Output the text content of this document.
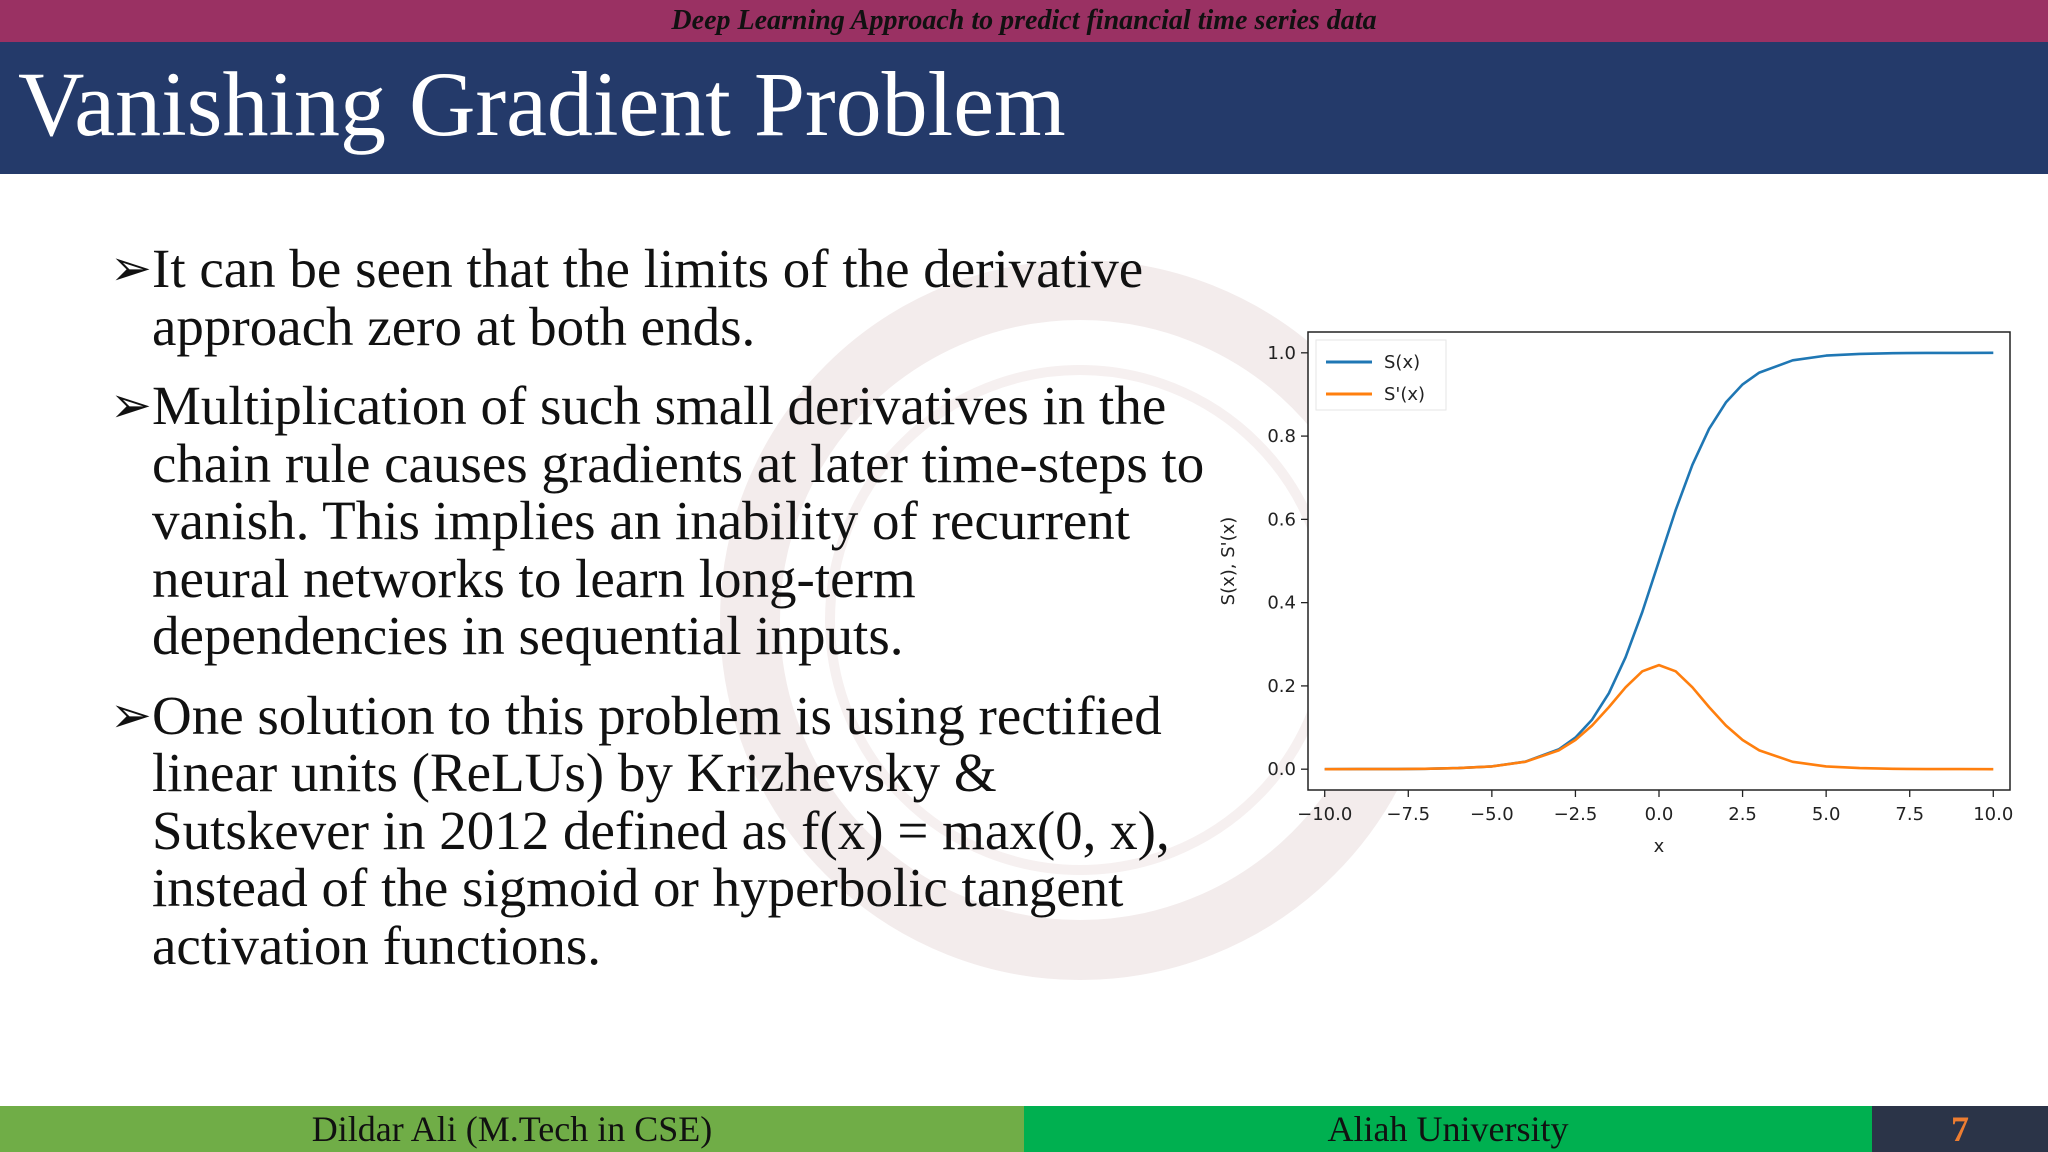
Deep Learning Approach to predict financial time series data
Vanishing Gradient Problem
➢ It can be seen that the limits of the derivative approach zero at both ends.
➢ Multiplication of such small derivatives in the chain rule causes gradients at later time-steps to vanish. This implies an inability of recurrent neural networks to learn long-term dependencies in sequential inputs.
➢ One solution to this problem is using rectified linear units (ReLUs) by Krizhevsky & Sutskever in 2012 defined as f(x) = max(0, x), instead of the sigmoid or hyperbolic tangent activation functions.
−10.0 −7.5 −5.0 −2.5	0.0	2.5	5.0	7.5	10.0
0.0
0.2
0.4
0.6
0.8
1.0
x
S(x), S'(x)
S(x)
S'(x)
Dildar Ali (M.Tech in CSE)	Aliah University	7
